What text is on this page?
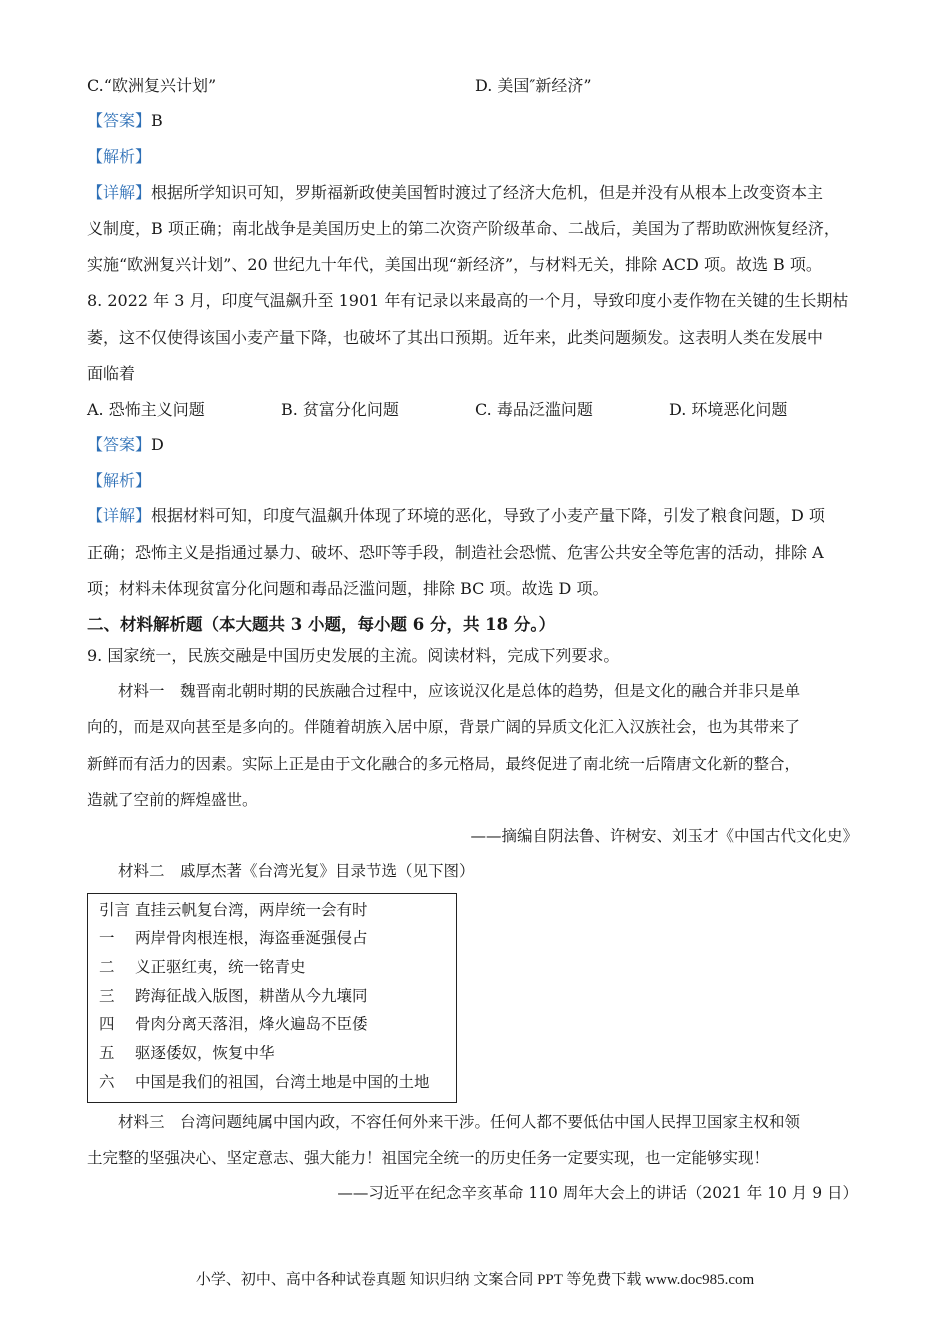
C.“欧洲复兴计划”	D. 美国″新经济”
【答案】B
【解析】
【详解】根据所学知识可知，罗斯福新政使美国暂时渡过了经济大危机，但是并没有从根本上改变资本主
义制度，B 项正确；南北战争是美国历史上的第二次资产阶级革命、二战后，美国为了帮助欧洲恢复经济，
实施“欧洲复兴计划”、20 世纪九十年代，美国出现“新经济”，与材料无关，排除 ACD 项。故选 B 项。
8. 2022 年 3 月，印度气温飙升至 1901 年有记录以来最高的一个月，导致印度小麦作物在关键的生长期枯
萎，这不仅使得该国小麦产量下降，也破坏了其出口预期。近年来，此类问题频发。这表明人类在发展中
面临着
A. 恐怖主义问题	B. 贫富分化问题	C. 毒品泛滥问题	D. 环境恶化问题
【答案】D
【解析】
【详解】根据材料可知，印度气温飙升体现了环境的恶化，导致了小麦产量下降，引发了粮食问题，D 项
正确；恐怖主义是指通过暴力、破坏、恐吓等手段，制造社会恐慌、危害公共安全等危害的活动，排除 A
项；材料未体现贫富分化问题和毒品泛滥问题，排除 BC 项。故选 D 项。
二、材料解析题（本大题共 3 小题，每小题 6 分，共 18 分。）
9. 国家统一，民族交融是中国历史发展的主流。阅读材料，完成下列要求。
材料一　魏晋南北朝时期的民族融合过程中，应该说汉化是总体的趋势，但是文化的融合并非只是单
向的，而是双向甚至是多向的。伴随着胡族入居中原，背景广阔的异质文化汇入汉族社会，也为其带来了
新鲜而有活力的因素。实际上正是由于文化融合的多元格局，最终促进了南北统一后隋唐文化新的整合，
造就了空前的辉煌盛世。
——摘编自阴法鲁、许树安、刘玉才《中国古代文化史》
材料二　戚厚杰著《台湾光复》目录节选（见下图）
引言 直挂云帆复台湾，两岸统一会有时
一 两岸骨肉根连根，海盗垂涎强侵占
二 义正驱红夷，统一铭青史
三 跨海征战入版图，耕凿从今九壤同
四 骨肉分离天落泪，烽火遍岛不臣倭
五 驱逐倭奴，恢复中华
六 中国是我们的祖国，台湾土地是中国的土地
材料三　台湾问题纯属中国内政，不容任何外来干涉。任何人都不要低估中国人民捍卫国家主权和领
土完整的坚强决心、坚定意志、强大能力！祖国完全统一的历史任务一定要实现，也一定能够实现！
——习近平在纪念辛亥革命 110 周年大会上的讲话（2021 年 10 月 9 日）
小学、初中、高中各种试卷真题 知识归纳 文案合同 PPT 等免费下载 www.doc985.com
